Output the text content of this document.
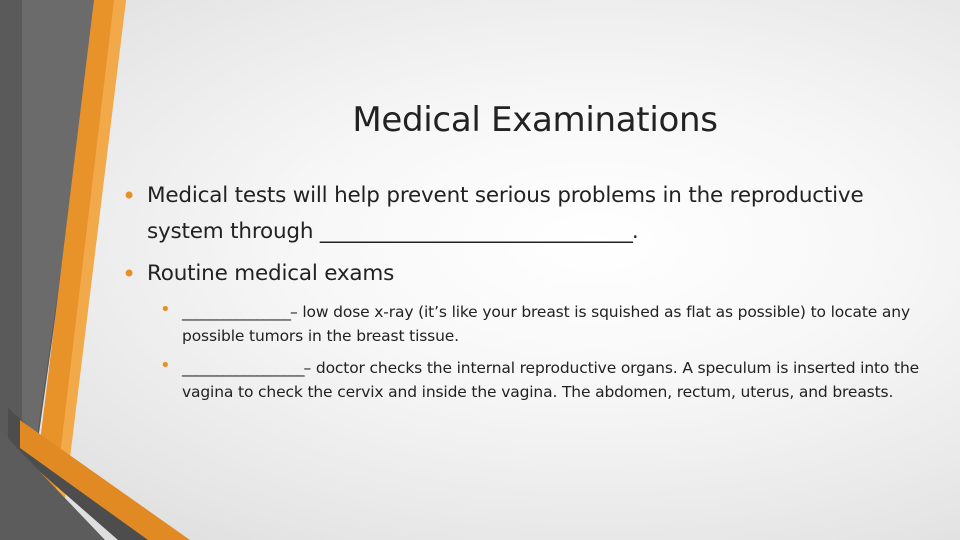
Medical Examinations
• Medical tests will help prevent serious problems in the reproductive system through ________________________________.
• Routine medical exams
• ________________– low dose x-ray (it’s like your breast is squished as flat as possible) to locate any possible tumors in the breast tissue.
• __________________– doctor checks the internal reproductive organs. A speculum is inserted into the vagina to check the cervix and inside the vagina. The abdomen, rectum, uterus, and breasts.
